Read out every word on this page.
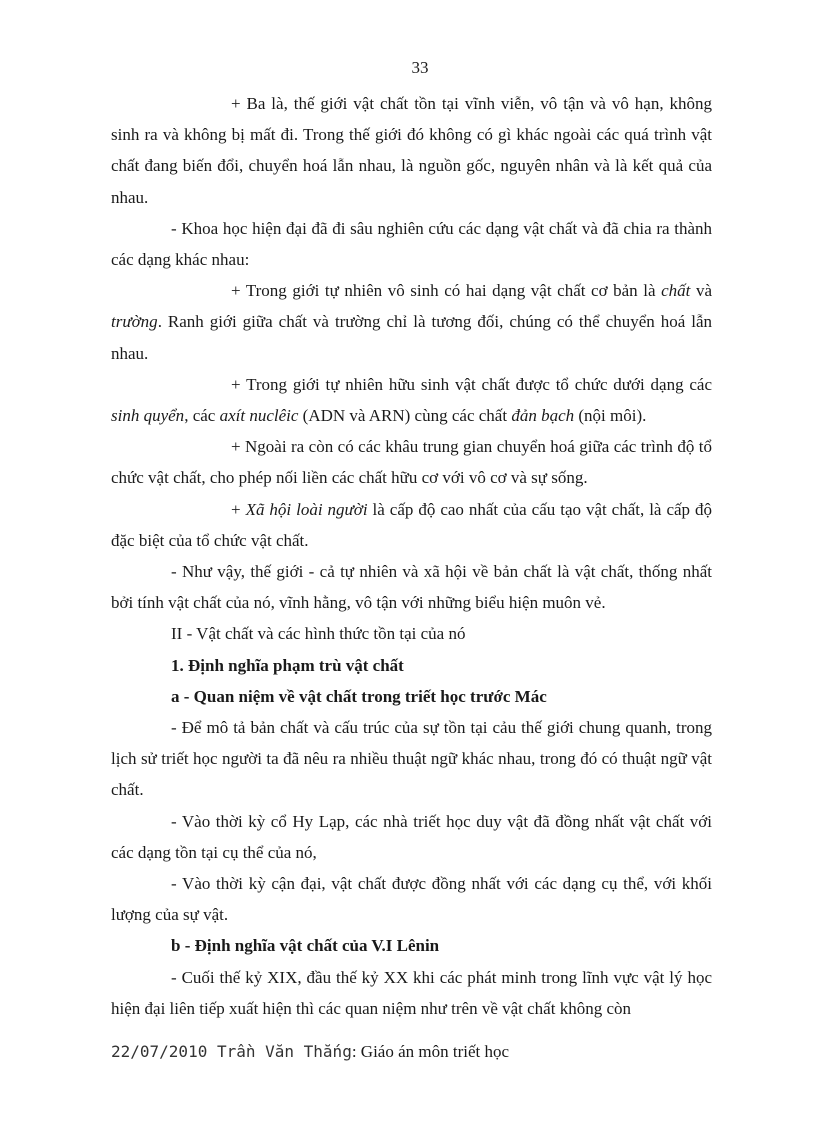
33

+ Ba là, thế giới vật chất tồn tại vĩnh viễn, vô tận và vô hạn, không sinh ra và không bị mất đi. Trong thế giới đó không có gì khác ngoài các quá trình vật chất đang biến đổi, chuyển hoá lẫn nhau, là nguồn gốc, nguyên nhân và là kết quả của nhau.

- Khoa học hiện đại đã đi sâu nghiên cứu các dạng vật chất và đã chia ra thành các dạng khác nhau:

+ Trong giới tự nhiên vô sinh có hai dạng vật chất cơ bản là chất và trường. Ranh giới giữa chất và trường chỉ là tương đối, chúng có thể chuyển hoá lẫn nhau.

+ Trong giới tự nhiên hữu sinh vật chất được tổ chức dưới dạng các sinh quyển, các axít nuclêic (ADN và ARN) cùng các chất đản bạch (nội môi).

+ Ngoài ra còn có các khâu trung gian chuyển hoá giữa các trình độ tổ chức vật chất, cho phép nối liền các chất hữu cơ với vô cơ và sự sống.

+ Xã hội loài người là cấp độ cao nhất của cấu tạo vật chất, là cấp độ đặc biệt của tổ chức vật chất.

- Như vậy, thế giới - cả tự nhiên và xã hội về bản chất là vật chất, thống nhất bởi tính vật chất của nó, vĩnh hằng, vô tận với những biểu hiện muôn vẻ.

II - Vật chất và các hình thức tồn tại của nó

1. Định nghĩa phạm trù vật chất

a - Quan niệm về vật chất trong triết học trước Mác

- Để mô tả bản chất và cấu trúc của sự tồn tại cảu thế giới chung quanh, trong lịch sử triết học người ta đã nêu ra nhiều thuật ngữ khác nhau, trong đó có thuật ngữ vật chất.

- Vào thời kỳ cổ Hy Lạp, các nhà triết học duy vật đã đồng nhất vật chất với các dạng tồn tại cụ thể của nó,

- Vào thời kỳ cận đại, vật chất được đồng nhất với các dạng cụ thể, với khối lượng của sự vật.

b - Định nghĩa vật chất của V.I Lênin

- Cuối thế kỷ XIX, đầu thế kỷ XX khi các phát minh trong lĩnh vực vật lý học hiện đại liên tiếp xuất hiện thì các quan niệm như trên về vật chất không còn

22/07/2010 Trần Văn Thắng: Giáo án môn triết học
